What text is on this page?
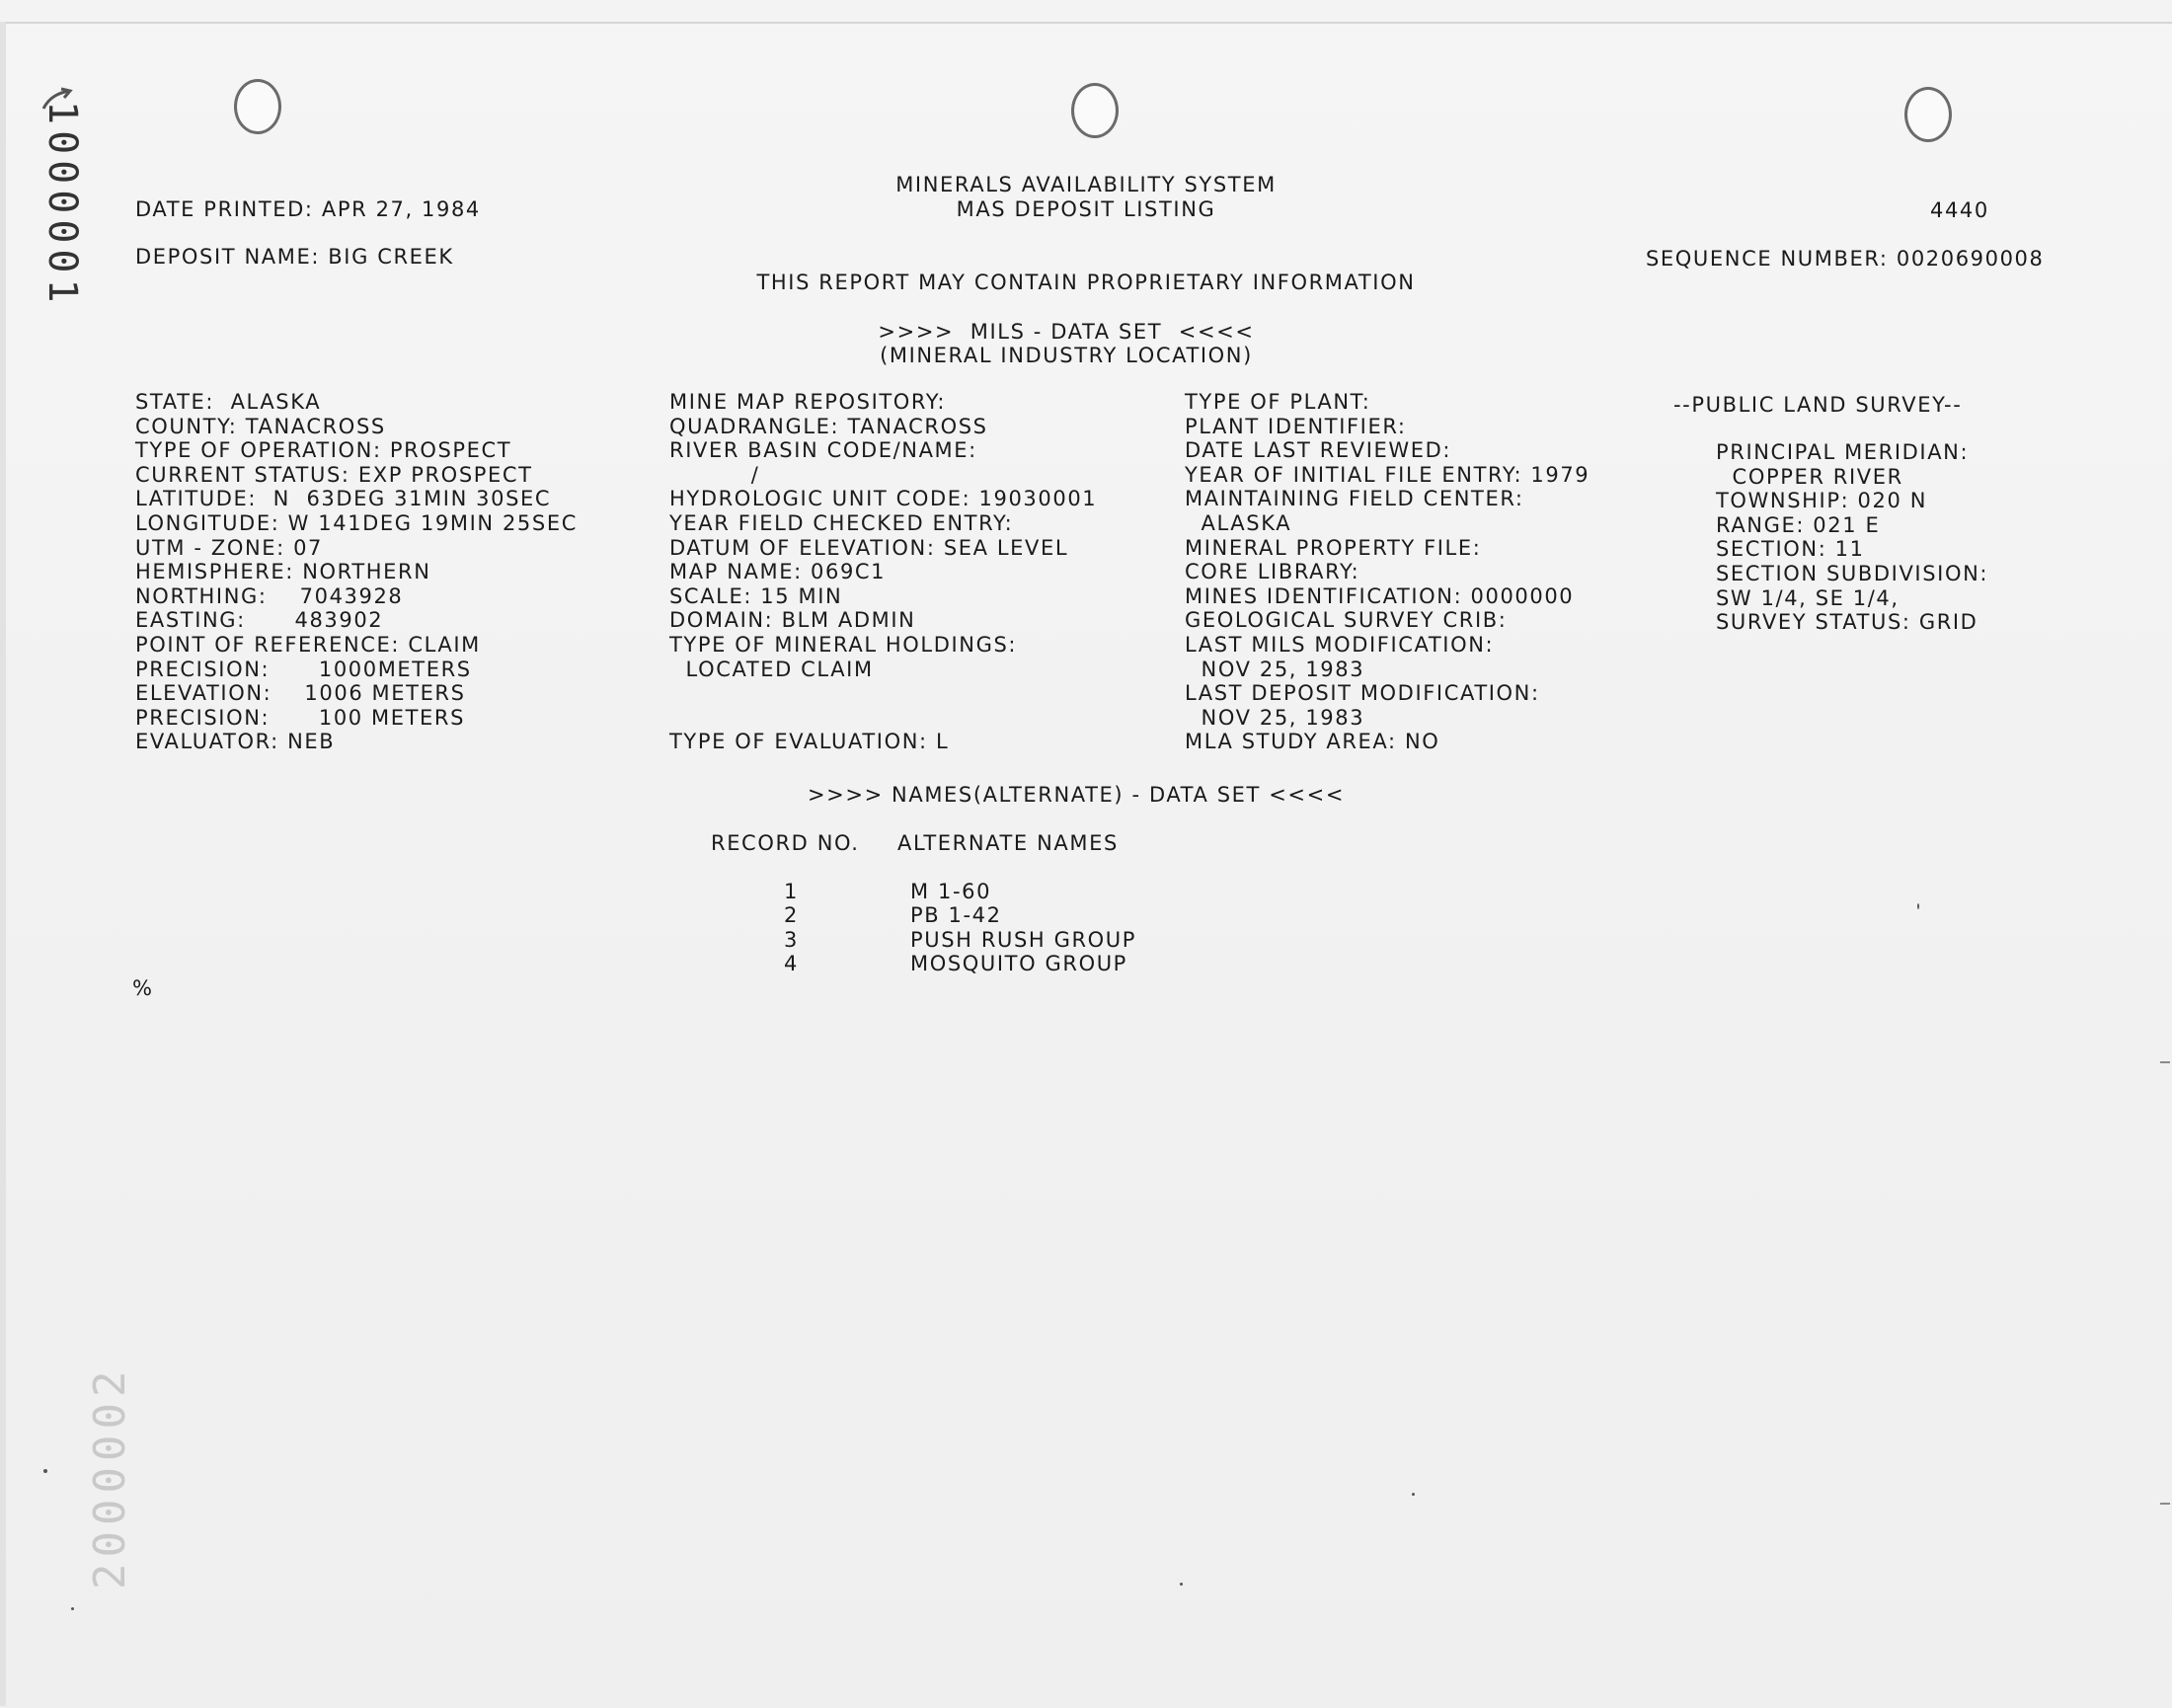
1000001
2000002
MINERALS AVAILABILITY SYSTEM
MAS DEPOSIT LISTING
DATE PRINTED: APR 27, 1984	4440
DEPOSIT NAME: BIG CREEK	SEQUENCE NUMBER: 0020690008
THIS REPORT MAY CONTAIN PROPRIETARY INFORMATION
>>>>  MILS - DATA SET  <<<<
(MINERAL INDUSTRY LOCATION)
STATE:  ALASKA
COUNTY: TANACROSS
TYPE OF OPERATION: PROSPECT
CURRENT STATUS: EXP PROSPECT
LATITUDE:  N  63DEG 31MIN 30SEC
LONGITUDE: W 141DEG 19MIN 25SEC
UTM - ZONE: 07
HEMISPHERE: NORTHERN
NORTHING:    7043928
EASTING:      483902
POINT OF REFERENCE: CLAIM
PRECISION:      1000METERS
ELEVATION:    1006 METERS
PRECISION:      100 METERS
EVALUATOR: NEB
MINE MAP REPOSITORY:
QUADRANGLE: TANACROSS
RIVER BASIN CODE/NAME:
/
HYDROLOGIC UNIT CODE: 19030001
YEAR FIELD CHECKED ENTRY:
DATUM OF ELEVATION: SEA LEVEL
MAP NAME: 069C1
SCALE: 15 MIN
DOMAIN: BLM ADMIN
TYPE OF MINERAL HOLDINGS:
LOCATED CLAIM
TYPE OF EVALUATION: L
TYPE OF PLANT:
PLANT IDENTIFIER:
DATE LAST REVIEWED:
YEAR OF INITIAL FILE ENTRY: 1979
MAINTAINING FIELD CENTER:
ALASKA
MINERAL PROPERTY FILE:
CORE LIBRARY:
MINES IDENTIFICATION: 0000000
GEOLOGICAL SURVEY CRIB:
LAST MILS MODIFICATION:
NOV 25, 1983
LAST DEPOSIT MODIFICATION:
NOV 25, 1983
MLA STUDY AREA: NO
--PUBLIC LAND SURVEY--
PRINCIPAL MERIDIAN:
COPPER RIVER
TOWNSHIP: 020 N
RANGE: 021 E
SECTION: 11
SECTION SUBDIVISION:
SW 1/4, SE 1/4,
SURVEY STATUS: GRID
>>>> NAMES(ALTERNATE) - DATA SET <<<<
RECORD NO. ALTERNATE NAMES
1	M 1-60
2	PB 1-42
3	PUSH RUSH GROUP
4	MOSQUITO GROUP
%
